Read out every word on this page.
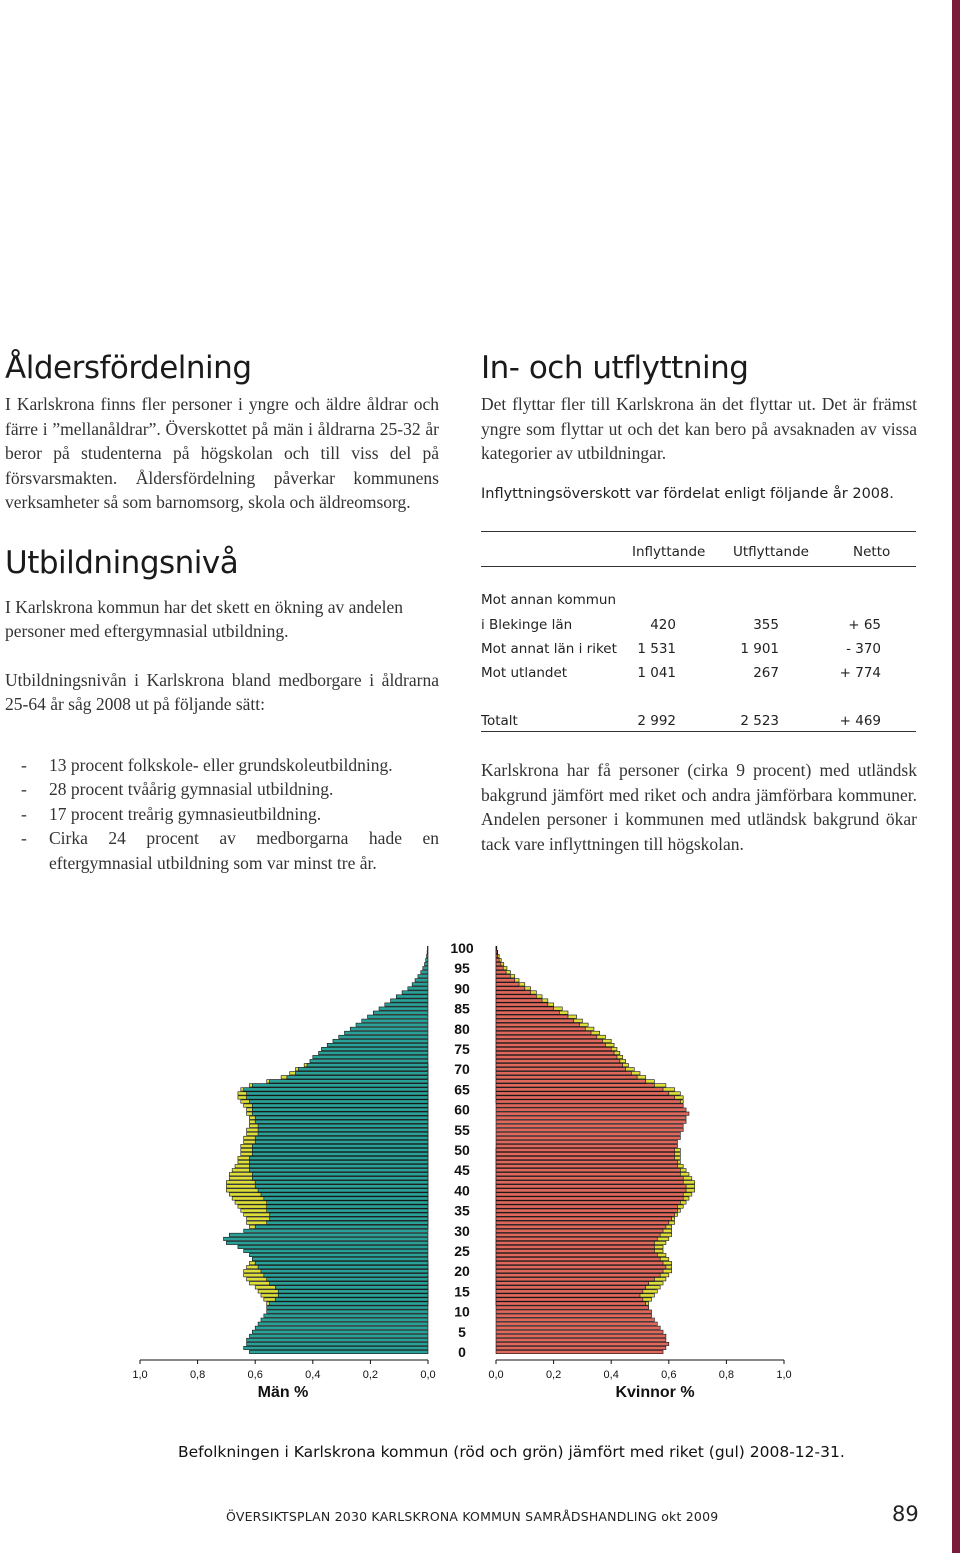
Åldersfördelning

I Karlskrona finns fler personer i yngre och äldre åldrar och färre i ”mellanåldrar”. Överskottet på män i åldrarna 25-32 år beror på studenterna på högskolan och till viss del på försvarsmakten. Åldersfördelning påverkar kommunens verksamheter så som barnomsorg, skola och äldreomsorg.

Utbildningsnivå

I Karlskrona kommun har det skett en ökning av andelen personer med eftergymnasial utbildning.

Utbildningsnivån i Karlskrona bland medborgare i åldrarna 25-64 år såg 2008 ut på följande sätt:

- 13 procent folkskole- eller grundskoleutbildning.
- 28 procent tvåårig gymnasial utbildning.
- 17 procent treårig gymnasieutbildning.
- Cirka 24 procent av medborgarna hade en eftergymnasial utbildning som var minst tre år.
In- och utflyttning

Det flyttar fler till Karlskrona än det flyttar ut. Det är främst yngre som flyttar ut och det kan bero på avsaknaden av vissa kategorier av utbildningar.

Inflyttningsöverskott var fördelat enligt följande år 2008.
Inflyttande Utflyttande	Netto
Mot annan kommun
i Blekinge län	420	355	+ 65
Mot annat län i riket 1 531	1 901	- 370
Mot utlandet	1 041	267	+ 774
Totalt	2 992	2 523	+ 469

Karlskrona har få personer (cirka 9 procent) med utländsk bakgrund jämfört med riket och andra jämförbara kommuner. Andelen personer i kommunen med utländsk bakgrund ökar tack vare inflyttningen till högskolan.

100
95
90
85
80
75
70
65
60
55
50
45
40
35
30
25
20
15
10
5
0
1,0	0,8	0,6	0,4	0,2	0,0	0,0	0,2	0,4	0,6	0,8	1,0
Män %	Kvinnor %
Befolkningen i Karlskrona kommun (röd och grön) jämfört med riket (gul) 2008-12-31.
ÖVERSIKTSPLAN 2030 KARLSKRONA KOMMUN SAMRÅDSHANDLING okt 2009	89
